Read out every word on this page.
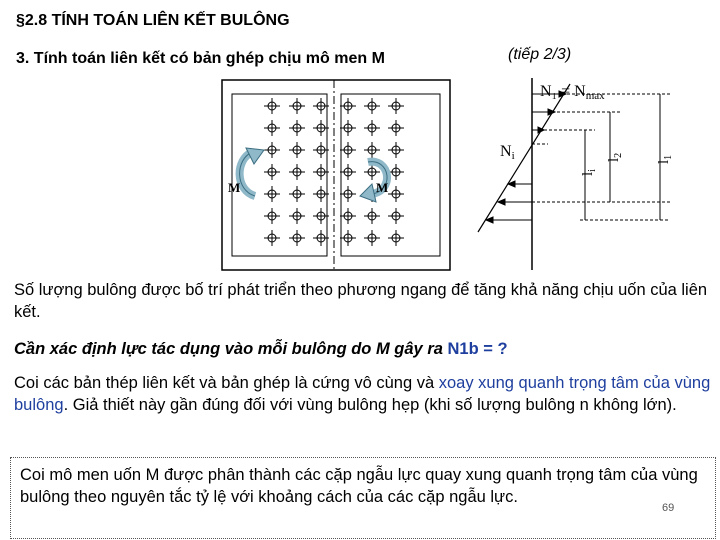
§2.8 TÍNH TOÁN LIÊN KẾT BULÔNG
3. Tính toán liên kết có bản ghép chịu mô men M	(tiếp 2/3)
M	M
N₁ = Nmax
Ni
$l_i$
$l_2$
$l_1$
Số lượng bulông được bố trí phát triển theo phương ngang để tăng khả năng chịu uốn của liên kết.
Cần xác định lực tác dụng vào mỗi bulông do M gây ra N1b = ?
Coi các bản thép liên kết và bản ghép là cứng vô cùng và xoay xung quanh trọng tâm của vùng bulông. Giả thiết này gần đúng đối với vùng bulông hẹp (khi số lượng bulông n không lớn).
Coi mô men uốn M được phân thành các cặp ngẫu lực quay xung quanh trọng tâm của vùng bulông theo nguyên tắc tỷ lệ với khoảng cách của các cặp ngẫu lực.
69
